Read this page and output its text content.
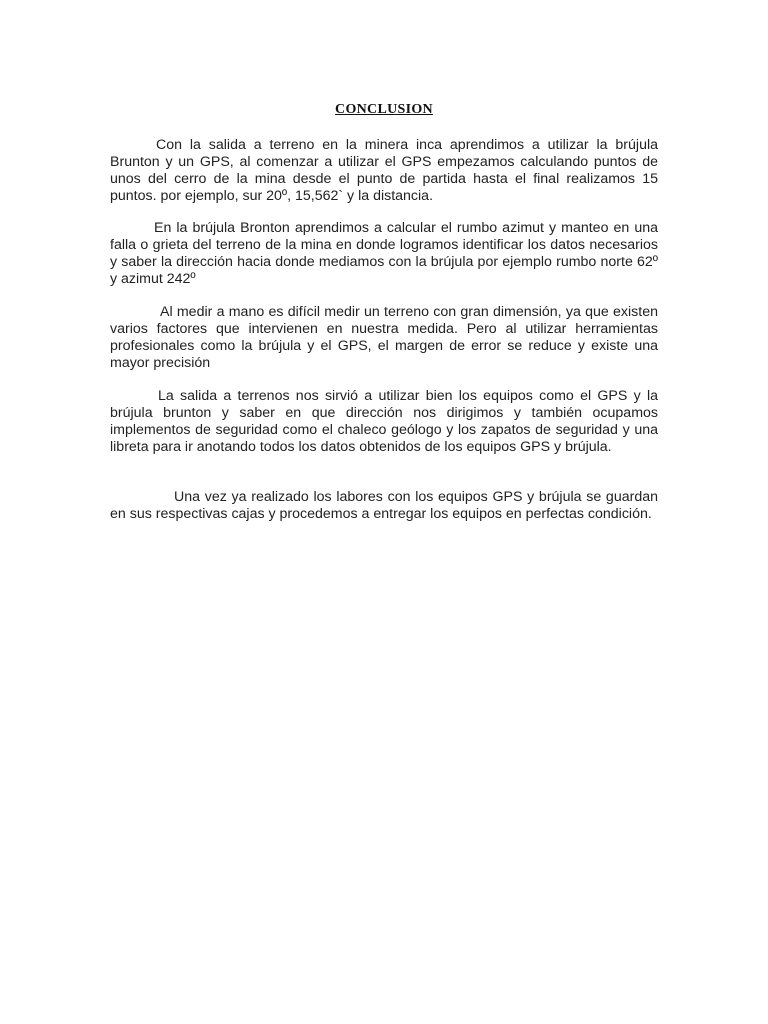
CONCLUSION

Con la salida a terreno en la minera inca aprendimos a utilizar la brújula Brunton y un GPS, al comenzar a utilizar el GPS empezamos calculando puntos de unos del cerro de la mina desde el punto de partida hasta el final realizamos 15 puntos. por ejemplo, sur 20º, 15,562` y la distancia.

En la brújula Bronton aprendimos a calcular el rumbo azimut y manteo en una falla o grieta del terreno de la mina en donde logramos identificar los datos necesarios y saber la dirección hacia donde mediamos con la brújula por ejemplo rumbo norte 62º y azimut 242º

Al medir a mano es difícil medir un terreno con gran dimensión, ya que existen varios factores que intervienen en nuestra medida. Pero al utilizar herramientas profesionales como la brújula y el GPS, el margen de error se reduce y existe una mayor precisión

La salida a terrenos nos sirvió a utilizar bien los equipos como el GPS y la brújula brunton y saber en que dirección nos dirigimos y también ocupamos implementos de seguridad como el chaleco geólogo y los zapatos de seguridad y una libreta para ir anotando todos los datos obtenidos de los equipos GPS y brújula.

Una vez ya realizado los labores con los equipos GPS y brújula se guardan en sus respectivas cajas y procedemos a entregar los equipos en perfectas condición.
